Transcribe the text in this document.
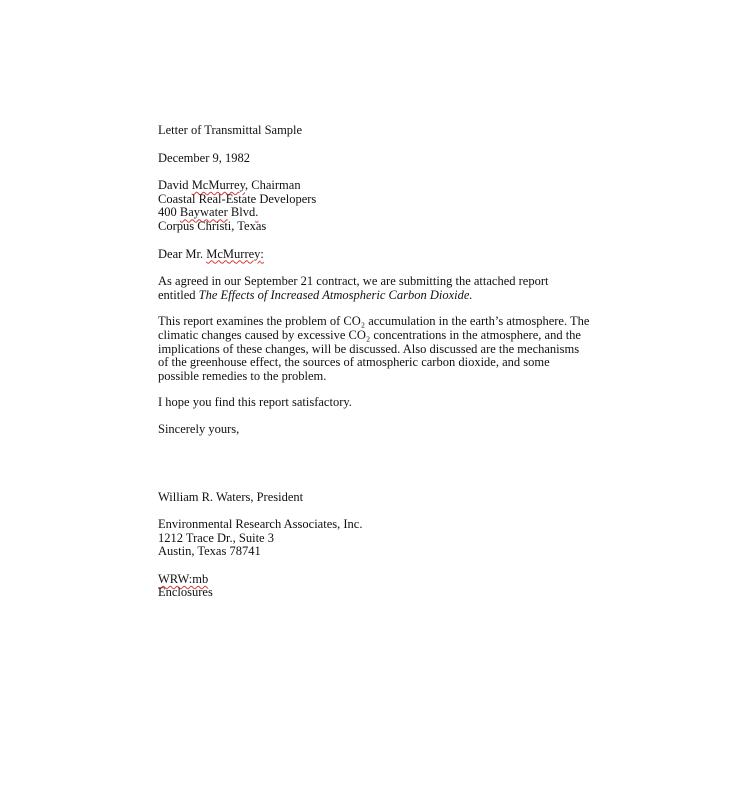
Letter of Transmittal Sample

December 9, 1982

David McMurrey, Chairman

Coastal Real-Estate Developers

400 Baywater Blvd.

Corpus Christi, Texas

Dear Mr. McMurrey:

As agreed in our September 21 contract, we are submitting the attached report

entitled The Effects of Increased Atmospheric Carbon Dioxide.

This report examines the problem of CO₂ accumulation in the earth’s atmosphere. The

climatic changes caused by excessive CO₂ concentrations in the atmosphere, and the

implications of these changes, will be discussed. Also discussed are the mechanisms

of the greenhouse effect, the sources of atmospheric carbon dioxide, and some

possible remedies to the problem.

I hope you find this report satisfactory.

Sincerely yours,

William R. Waters, President

Environmental Research Associates, Inc.

1212 Trace Dr., Suite 3

Austin, Texas 78741

WRW:mb

Enclosures
